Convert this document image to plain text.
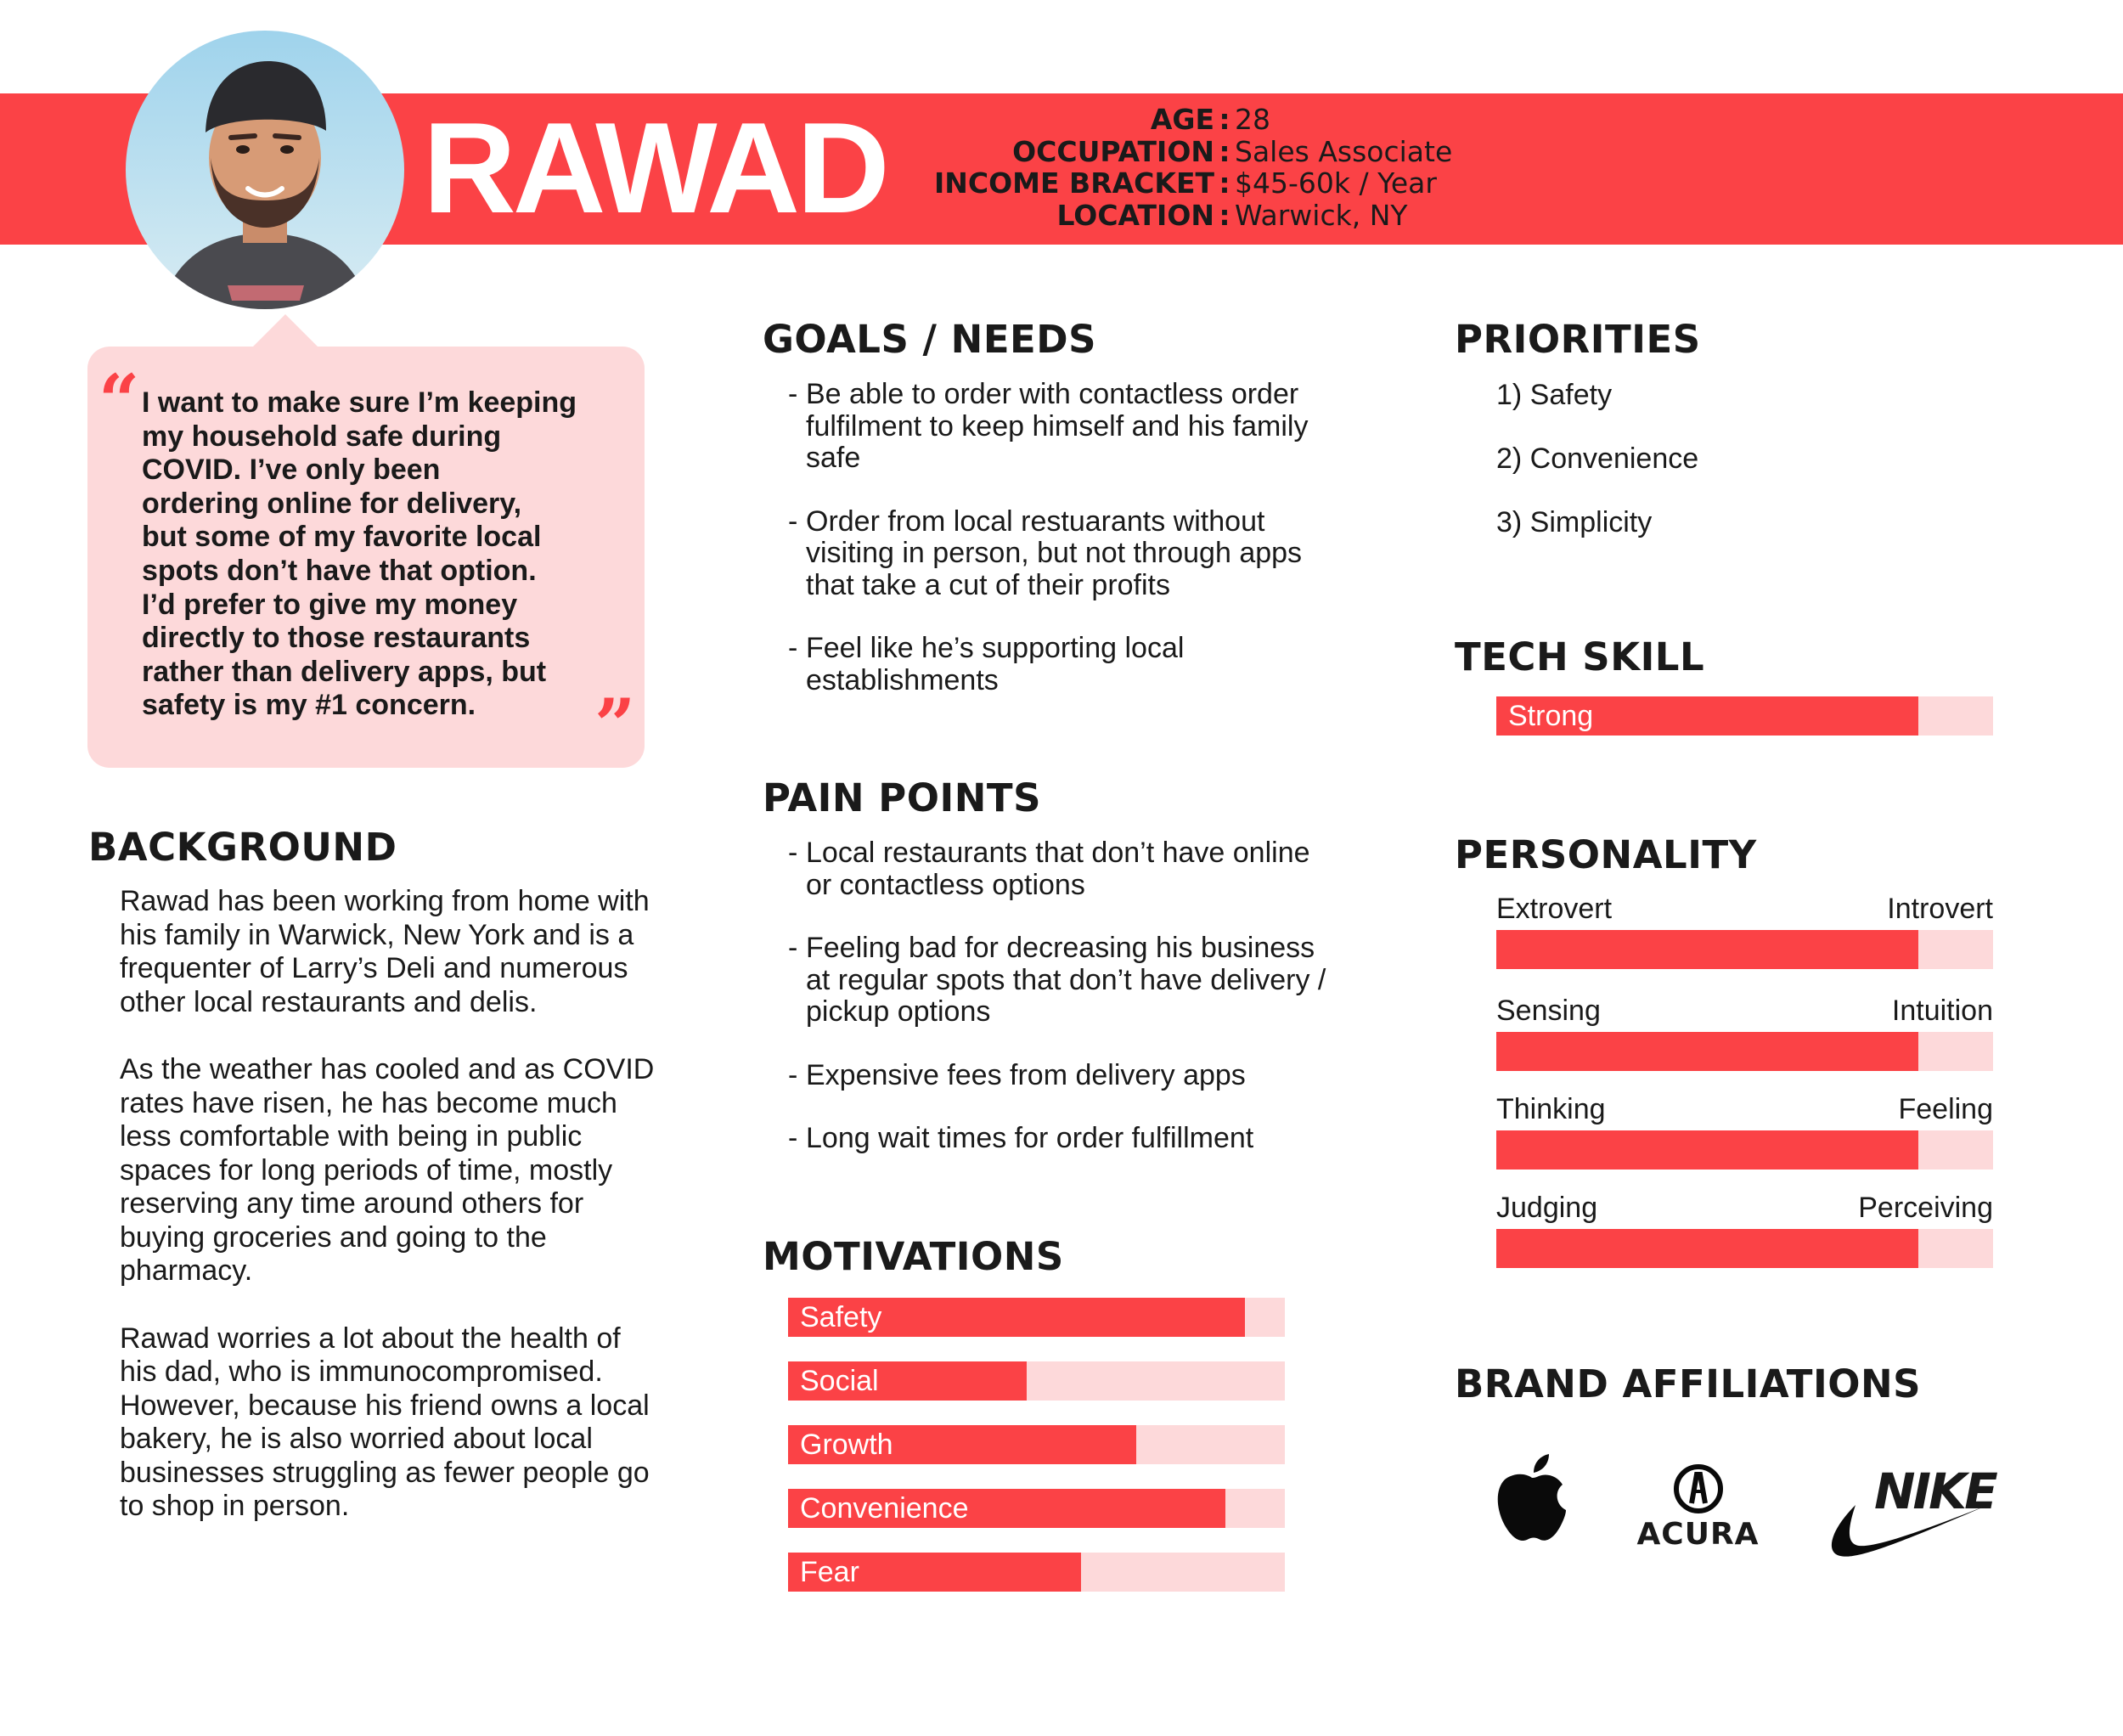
RAWAD	AGE : 28
OCCUPATION : Sales Associate
INCOME BRACKET : $45-60k / Year
LOCATION : Warwick, NY
“ I want to make sure I’m keeping
my household safe during
COVID. I’ve only been
ordering online for delivery,
but some of my favorite local
spots don’t have that option.
I’d prefer to give my money
directly to those restaurants
rather than delivery apps, but
safety is my #1 concern.	”
BACKGROUND

Rawad has been working from home with his family in Warwick, New York and is a frequenter of Larry’s Deli and numerous other local restaurants and delis.

As the weather has cooled and as COVID rates have risen, he has become much less comfortable with being in public spaces for long periods of time, mostly reserving any time around others for buying groceries and going to the pharmacy.

Rawad worries a lot about the health of his dad, who is immunocompromised. However, because his friend owns a local bakery, he is also worried about local businesses struggling as fewer people go to shop in person.

GOALS / NEEDS
- Be able to order with contactless order fulfilment to keep himself and his family safe
- Order from local restuarants without visiting in person, but not through apps that take a cut of their profits
- Feel like he’s supporting local establishments
PAIN POINTS
- Local restaurants that don’t have online or contactless options
- Feeling bad for decreasing his business at regular spots that don’t have delivery / pickup options
- Expensive fees from delivery apps
- Long wait times for order fulfillment
MOTIVATIONS
Safety
Social
Growth
Convenience
Fear
PRIORITIES
1) Safety
2) Convenience
3) Simplicity
TECH SKILL
Strong
PERSONALITY
Extrovert	Introvert
Sensing	Intuition
Thinking	Feeling
Judging	Perceiving
BRAND AFFILIATIONS
ACURA
NIKE
